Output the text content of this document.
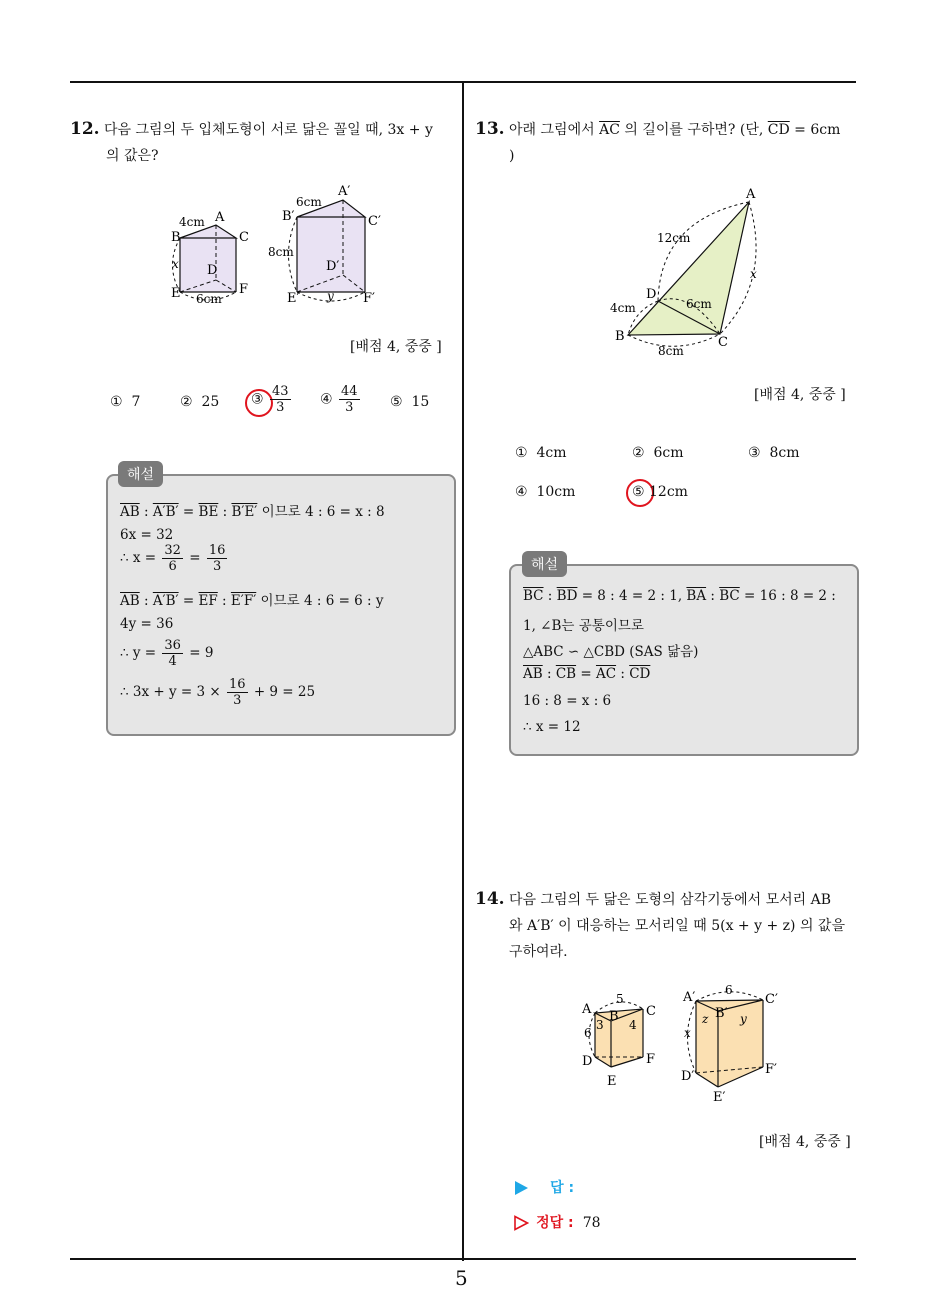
5
12. 다음 그림의 두 입체도형이 서로 닮은 꼴일 때, 3x + y
의 값은?
A
B	C
D
E	F
4cm
6cm
x
A′
B′	C′
D′
E′	F′
6cm
8cm
y
[배점 4, 중중 ]
① 7	② 25 ③ $\frac{43}{3}$ ④ $\frac{44}{3}$ ⑤ 15
$\overline{AB}$ : $A'B' = \overline{BE}$ : B′E′ 이므로 4 : 6 = x : 8
6x = 32
∴ $x = \frac{32}{6} = \frac{16}{3}$
$\overline{AB}$ : $A'B' = \overline{EF}$ : E′F′ 이므로 4 : 6 = 6 : y
4y = 36
∴ $y = \frac{36}{4} = 9$
∴ $3x + y = 3 \times \frac{16}{3} + 9 = 25$
해설
13. 아래 그림에서 $\overline{AC}$ 의 길이를 구하면? (단, $\overline{CD} = 6cm$
)
A
B	C
D
12cm
4cm	6cm
8cm
x
[배점 4, 중중 ]
① 4cm	② 6cm	③ 8cm
④ 10cm	⑤ 12cm
$\overline{BC}$ : $\overline{BD} = 8$ : 4 = 2 : 1, $\overline{BA}$ : $\overline{BC} = 16$ : 8 = 2 :
1, ∠B는 공통이므로
△ABC ∽ △CBD (SAS 닮음)
$\overline{AB}$ : $\overline{CB} = \overline{AC}$ : $\overline{CD}$
16 : 8 = x : 6
∴ x = 12
해설
14. 다음 그림의 두 닮은 도형의 삼각기둥에서 모서리 AB
와 A′B′ 이 대응하는 모서리일 때 5(x + y + z) 의 값을
구하여라.
A B C
D
E
F
5
3 4
6
A′
B′
C′
D′
E′
F′
6
z	y
x
[배점 4, 중중 ]
답 :
정답 : 78
